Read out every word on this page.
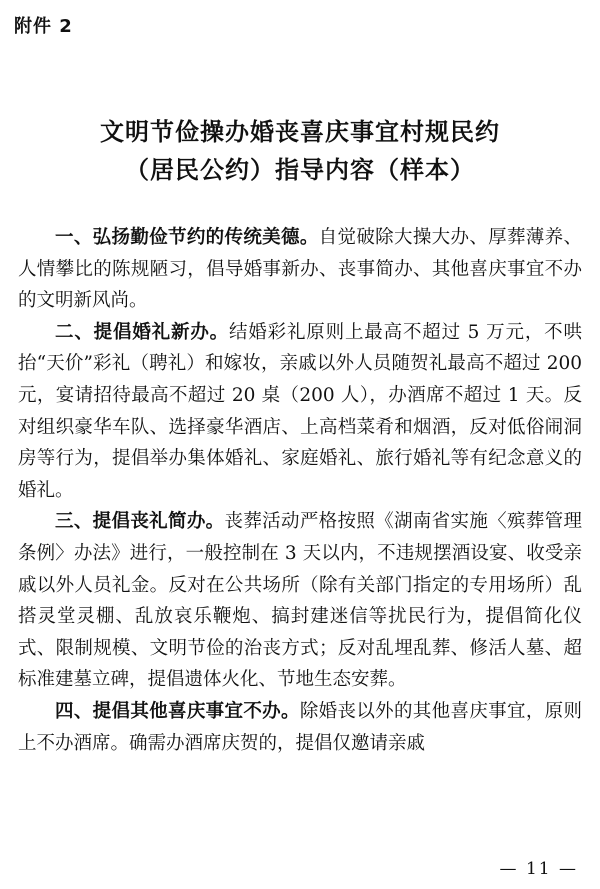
附件 2
文明节俭操办婚丧喜庆事宜村规民约
（居民公约）指导内容（样本）

一、弘扬勤俭节约的传统美德。自觉破除大操大办、厚葬薄养、人情攀比的陈规陋习，倡导婚事新办、丧事简办、其他喜庆事宜不办的文明新风尚。

二、提倡婚礼新办。结婚彩礼原则上最高不超过 5 万元，不哄抬“天价”彩礼（聘礼）和嫁妆，亲戚以外人员随贺礼最高不超过 200 元，宴请招待最高不超过 20 桌（200 人），办酒席不超过 1 天。反对组织豪华车队、选择豪华酒店、上高档菜肴和烟酒，反对低俗闹洞房等行为，提倡举办集体婚礼、家庭婚礼、旅行婚礼等有纪念意义的婚礼。

三、提倡丧礼简办。丧葬活动严格按照《湖南省实施〈殡葬管理条例〉办法》进行，一般控制在 3 天以内，不违规摆酒设宴、收受亲戚以外人员礼金。反对在公共场所（除有关部门指定的专用场所）乱搭灵堂灵棚、乱放哀乐鞭炮、搞封建迷信等扰民行为，提倡简化仪式、限制规模、文明节俭的治丧方式；反对乱埋乱葬、修活人墓、超标准建墓立碑，提倡遗体火化、节地生态安葬。

四、提倡其他喜庆事宜不办。除婚丧以外的其他喜庆事宜，原则上不办酒席。确需办酒席庆贺的，提倡仅邀请亲戚

— 11 —
